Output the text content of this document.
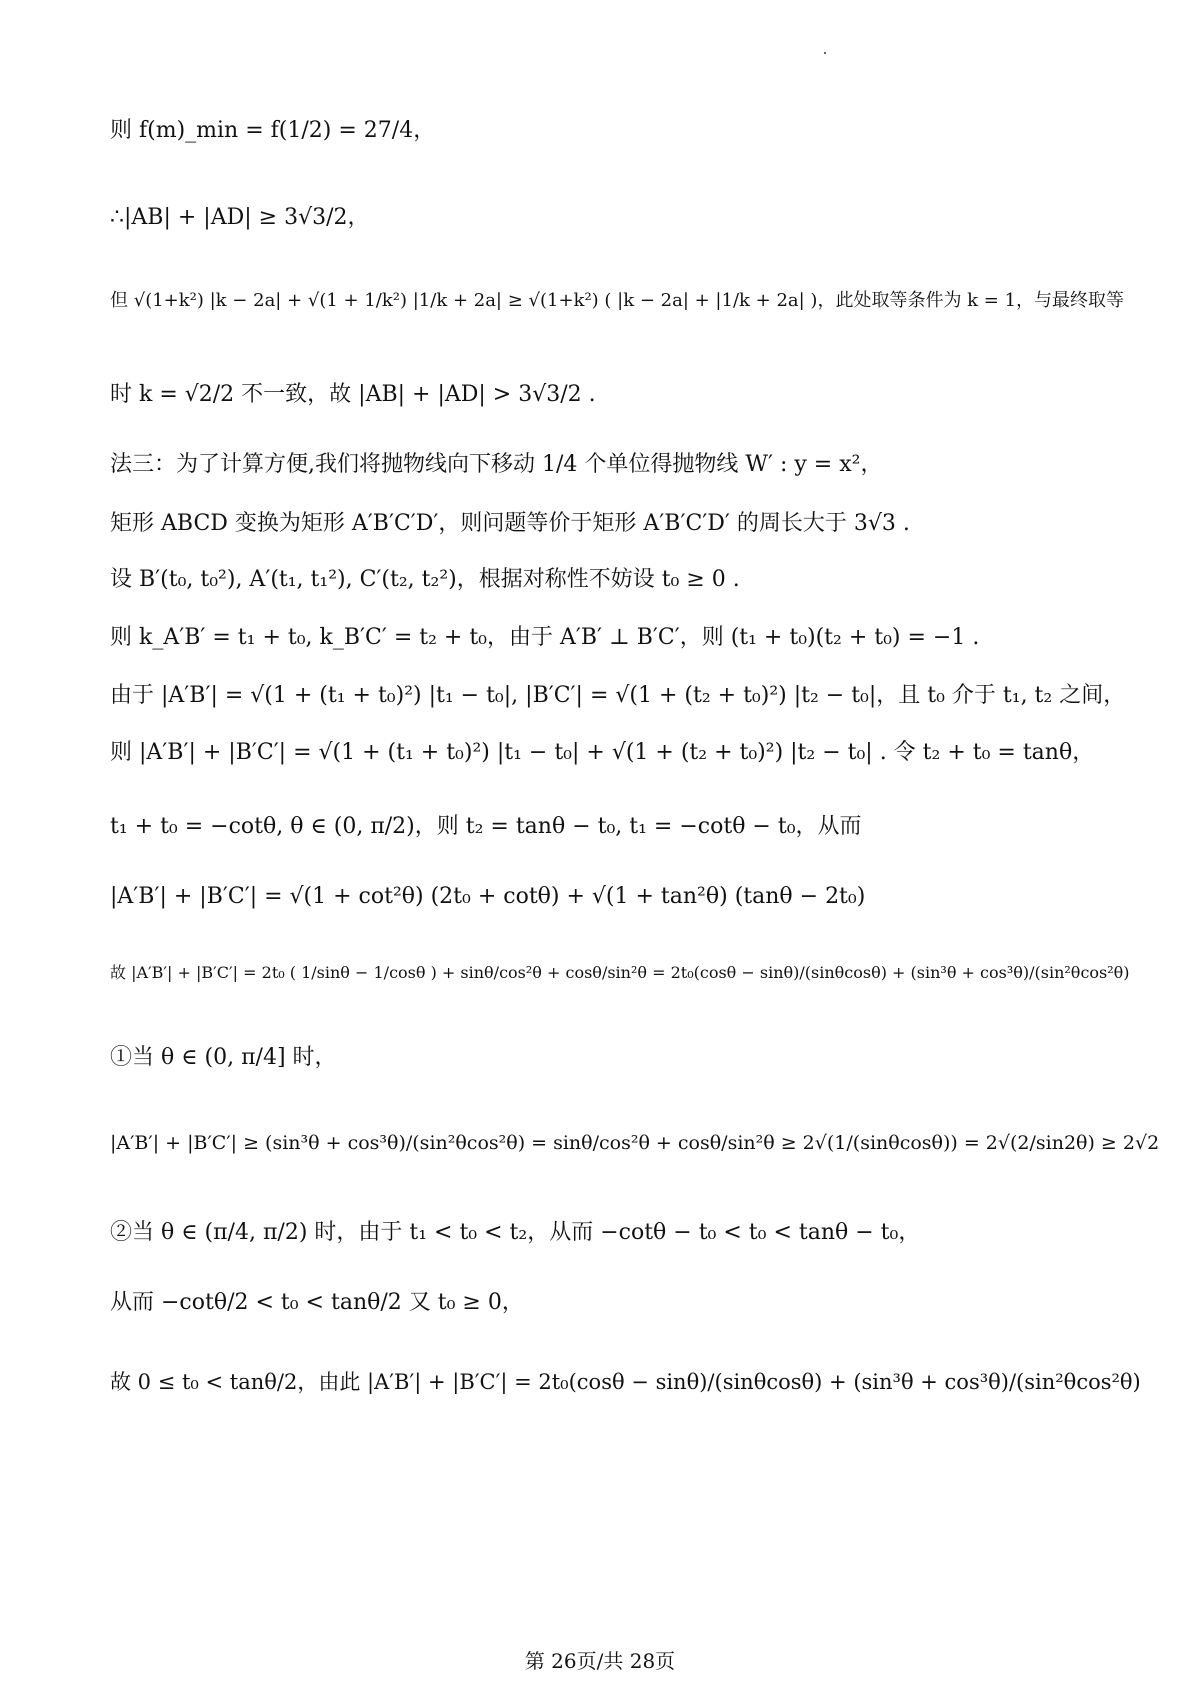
则 f(m)_min = f(1/2) = 27/4，
∴|AB| + |AD| ≥ 3√3/2，
但 √(1+k²) |k − 2a| + √(1 + 1/k²) |1/k + 2a| ≥ √(1+k²) ( |k − 2a| + |1/k + 2a| )，此处取等条件为 k = 1，与最终取等
时 k = √2/2 不一致，故 |AB| + |AD| > 3√3/2 .
法三：为了计算方便,我们将抛物线向下移动 1/4 个单位得抛物线 W′ : y = x²，
矩形 ABCD 变换为矩形 A′B′C′D′，则问题等价于矩形 A′B′C′D′ 的周长大于 3√3 .
设 B′(t₀, t₀²), A′(t₁, t₁²), C′(t₂, t₂²)，根据对称性不妨设 t₀ ≥ 0 .
则 k_A′B′ = t₁ + t₀, k_B′C′ = t₂ + t₀，由于 A′B′ ⊥ B′C′，则 (t₁ + t₀)(t₂ + t₀) = −1 .
由于 |A′B′| = √(1 + (t₁ + t₀)²) |t₁ − t₀|, |B′C′| = √(1 + (t₂ + t₀)²) |t₂ − t₀|，且 t₀ 介于 t₁, t₂ 之间，
则 |A′B′| + |B′C′| = √(1 + (t₁ + t₀)²) |t₁ − t₀| + √(1 + (t₂ + t₀)²) |t₂ − t₀| . 令 t₂ + t₀ = tanθ，
t₁ + t₀ = −cotθ, θ ∈ (0, π/2)，则 t₂ = tanθ − t₀, t₁ = −cotθ − t₀，从而
|A′B′| + |B′C′| = √(1 + cot²θ) (2t₀ + cotθ) + √(1 + tan²θ) (tanθ − 2t₀)
故 |A′B′| + |B′C′| = 2t₀ ( 1/sinθ − 1/cosθ ) + sinθ/cos²θ + cosθ/sin²θ = 2t₀(cosθ − sinθ)/(sinθcosθ) + (sin³θ + cos³θ)/(sin²θcos²θ)
①当 θ ∈ (0, π/4] 时，
|A′B′| + |B′C′| ≥ (sin³θ + cos³θ)/(sin²θcos²θ) = sinθ/cos²θ + cosθ/sin²θ ≥ 2√(1/(sinθcosθ)) = 2√(2/sin2θ) ≥ 2√2
②当 θ ∈ (π/4, π/2) 时，由于 t₁ < t₀ < t₂，从而 −cotθ − t₀ < t₀ < tanθ − t₀，
从而 −cotθ/2 < t₀ < tanθ/2 又 t₀ ≥ 0，
故 0 ≤ t₀ < tanθ/2，由此 |A′B′| + |B′C′| = 2t₀(cosθ − sinθ)/(sinθcosθ) + (sin³θ + cos³θ)/(sin²θcos²θ)
第 26页/共 28页
